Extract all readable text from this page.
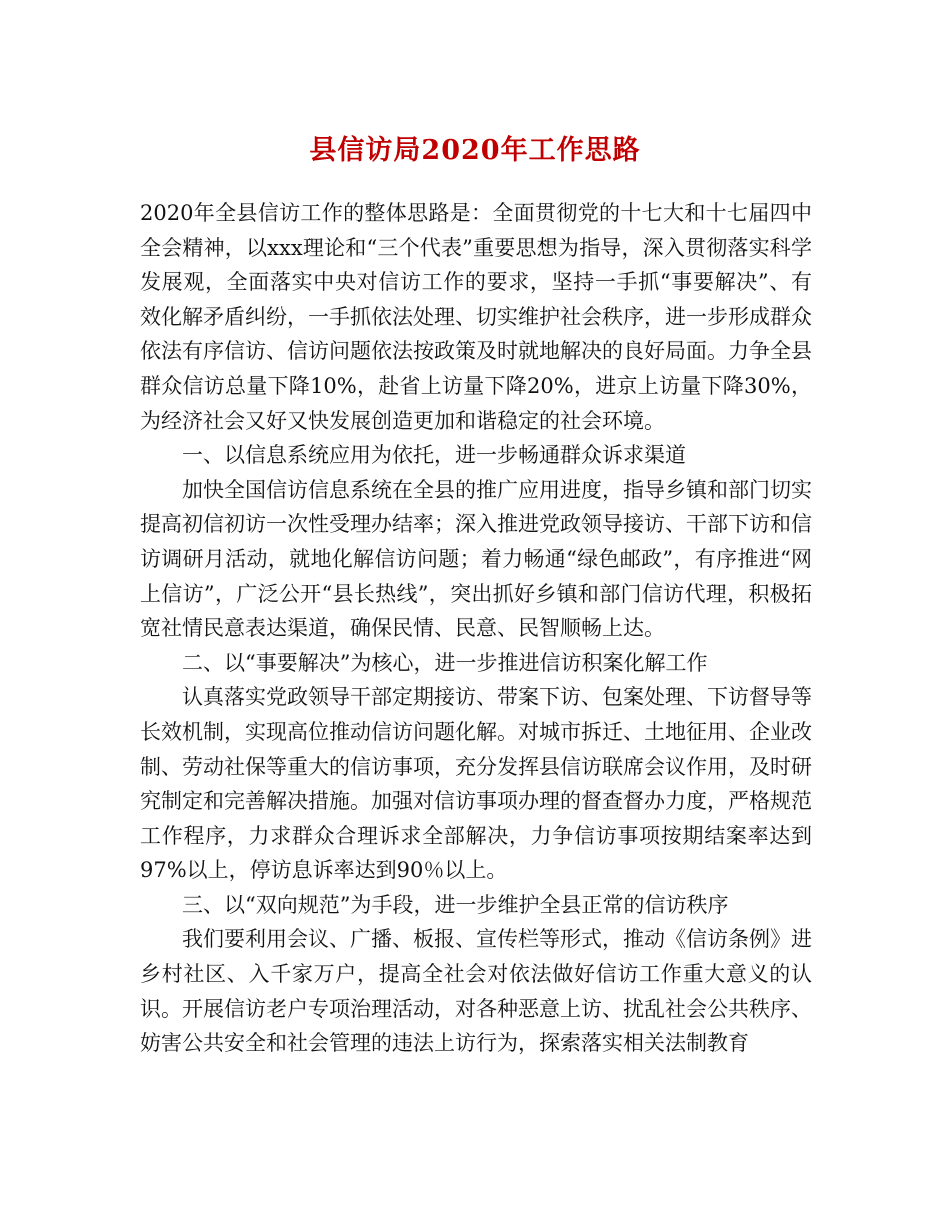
县信访局2020年工作思路

2020年全县信访工作的整体思路是：全面贯彻党的十七大和十七届四中全会精神，以xxx理论和“三个代表”重要思想为指导，深入贯彻落实科学发展观，全面落实中央对信访工作的要求，坚持一手抓“事要解决”、有效化解矛盾纠纷，一手抓依法处理、切实维护社会秩序，进一步形成群众依法有序信访、信访问题依法按政策及时就地解决的良好局面。力争全县群众信访总量下降10%，赴省上访量下降20%，进京上访量下降30%，为经济社会又好又快发展创造更加和谐稳定的社会环境。

一、以信息系统应用为依托，进一步畅通群众诉求渠道

加快全国信访信息系统在全县的推广应用进度，指导乡镇和部门切实提高初信初访一次性受理办结率；深入推进党政领导接访、干部下访和信访调研月活动，就地化解信访问题；着力畅通“绿色邮政”，有序推进“网上信访”，广泛公开“县长热线”，突出抓好乡镇和部门信访代理，积极拓宽社情民意表达渠道，确保民情、民意、民智顺畅上达。

二、以“事要解决”为核心，进一步推进信访积案化解工作

认真落实党政领导干部定期接访、带案下访、包案处理、下访督导等长效机制，实现高位推动信访问题化解。对城市拆迁、土地征用、企业改制、劳动社保等重大的信访事项，充分发挥县信访联席会议作用，及时研究制定和完善解决措施。加强对信访事项办理的督查督办力度，严格规范工作程序，力求群众合理诉求全部解决，力争信访事项按期结案率达到97%以上，停访息诉率达到90％以上。

三、以“双向规范”为手段，进一步维护全县正常的信访秩序

我们要利用会议、广播、板报、宣传栏等形式，推动《信访条例》进乡村社区、入千家万户，提高全社会对依法做好信访工作重大意义的认识。开展信访老户专项治理活动，对各种恶意上访、扰乱社会公共秩序、妨害公共安全和社会管理的违法上访行为，探索落实相关法制教育
